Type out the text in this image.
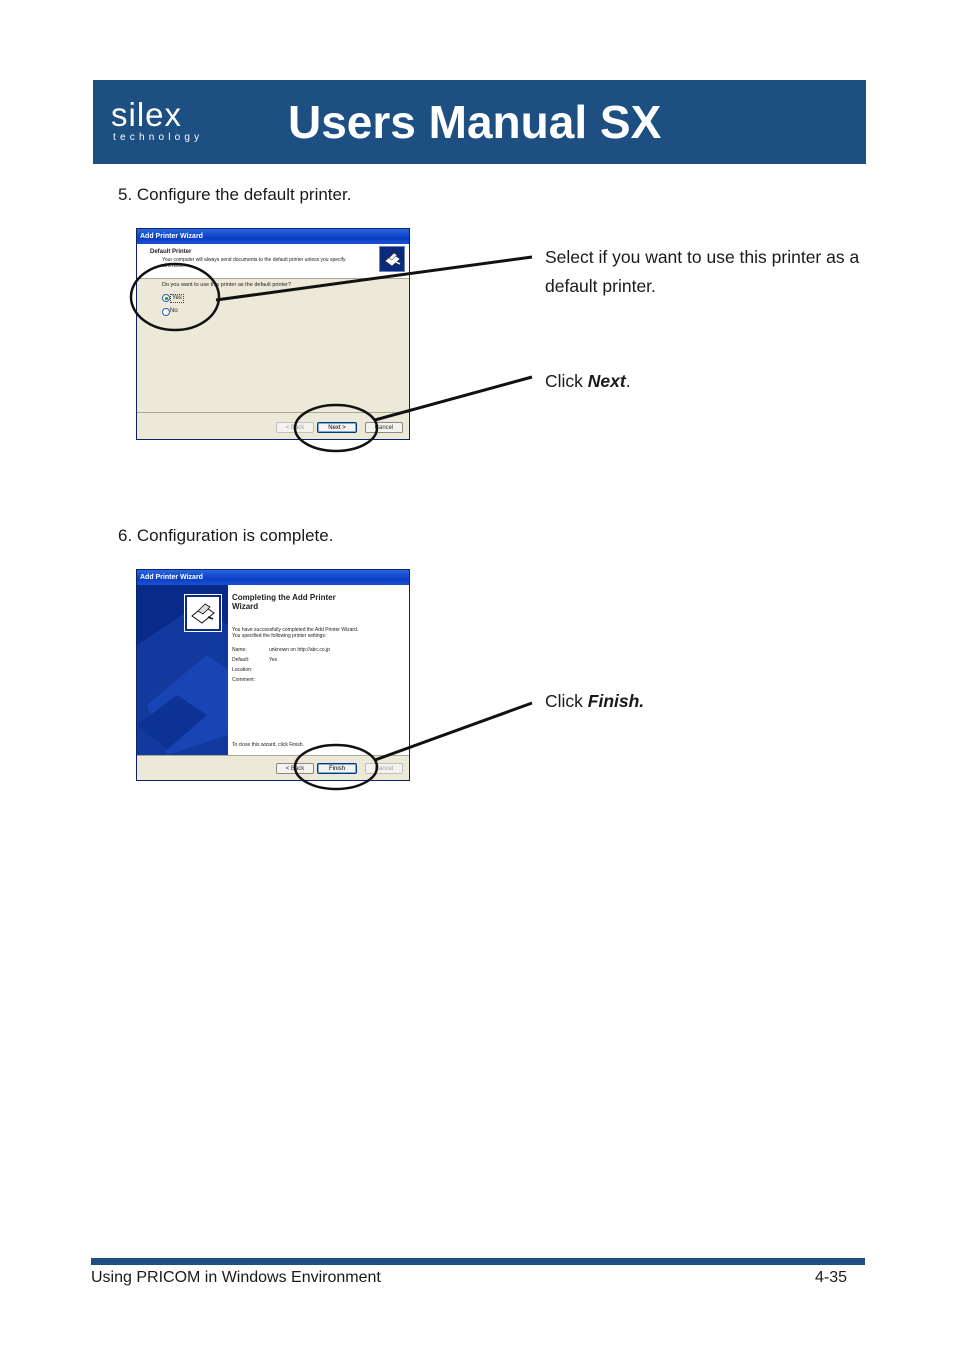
silex
technology Users Manual SX
5. Configure the default printer.
Add Printer Wizard
Default Printer
Your computer will always send documents to the default printer unless you specify
otherwise.
Do you want to use this printer as the default printer?
Yes
No
< Back	Next >	Cancel
6. Configuration is complete.
Add Printer Wizard
Completing the Add Printer
Wizard
You have successfully completed the Add Printer Wizard.
You specified the following printer settings:
Name:	unknown on http://abc.co.jp
Default:	Yes
Location:
Comment:
To close this wizard, click Finish.
< Back	Finish	Cancel
Select if you want to use this printer as a
default printer.
Click Next.
Click Finish.
Using PRICOM in Windows Environment	4-35
